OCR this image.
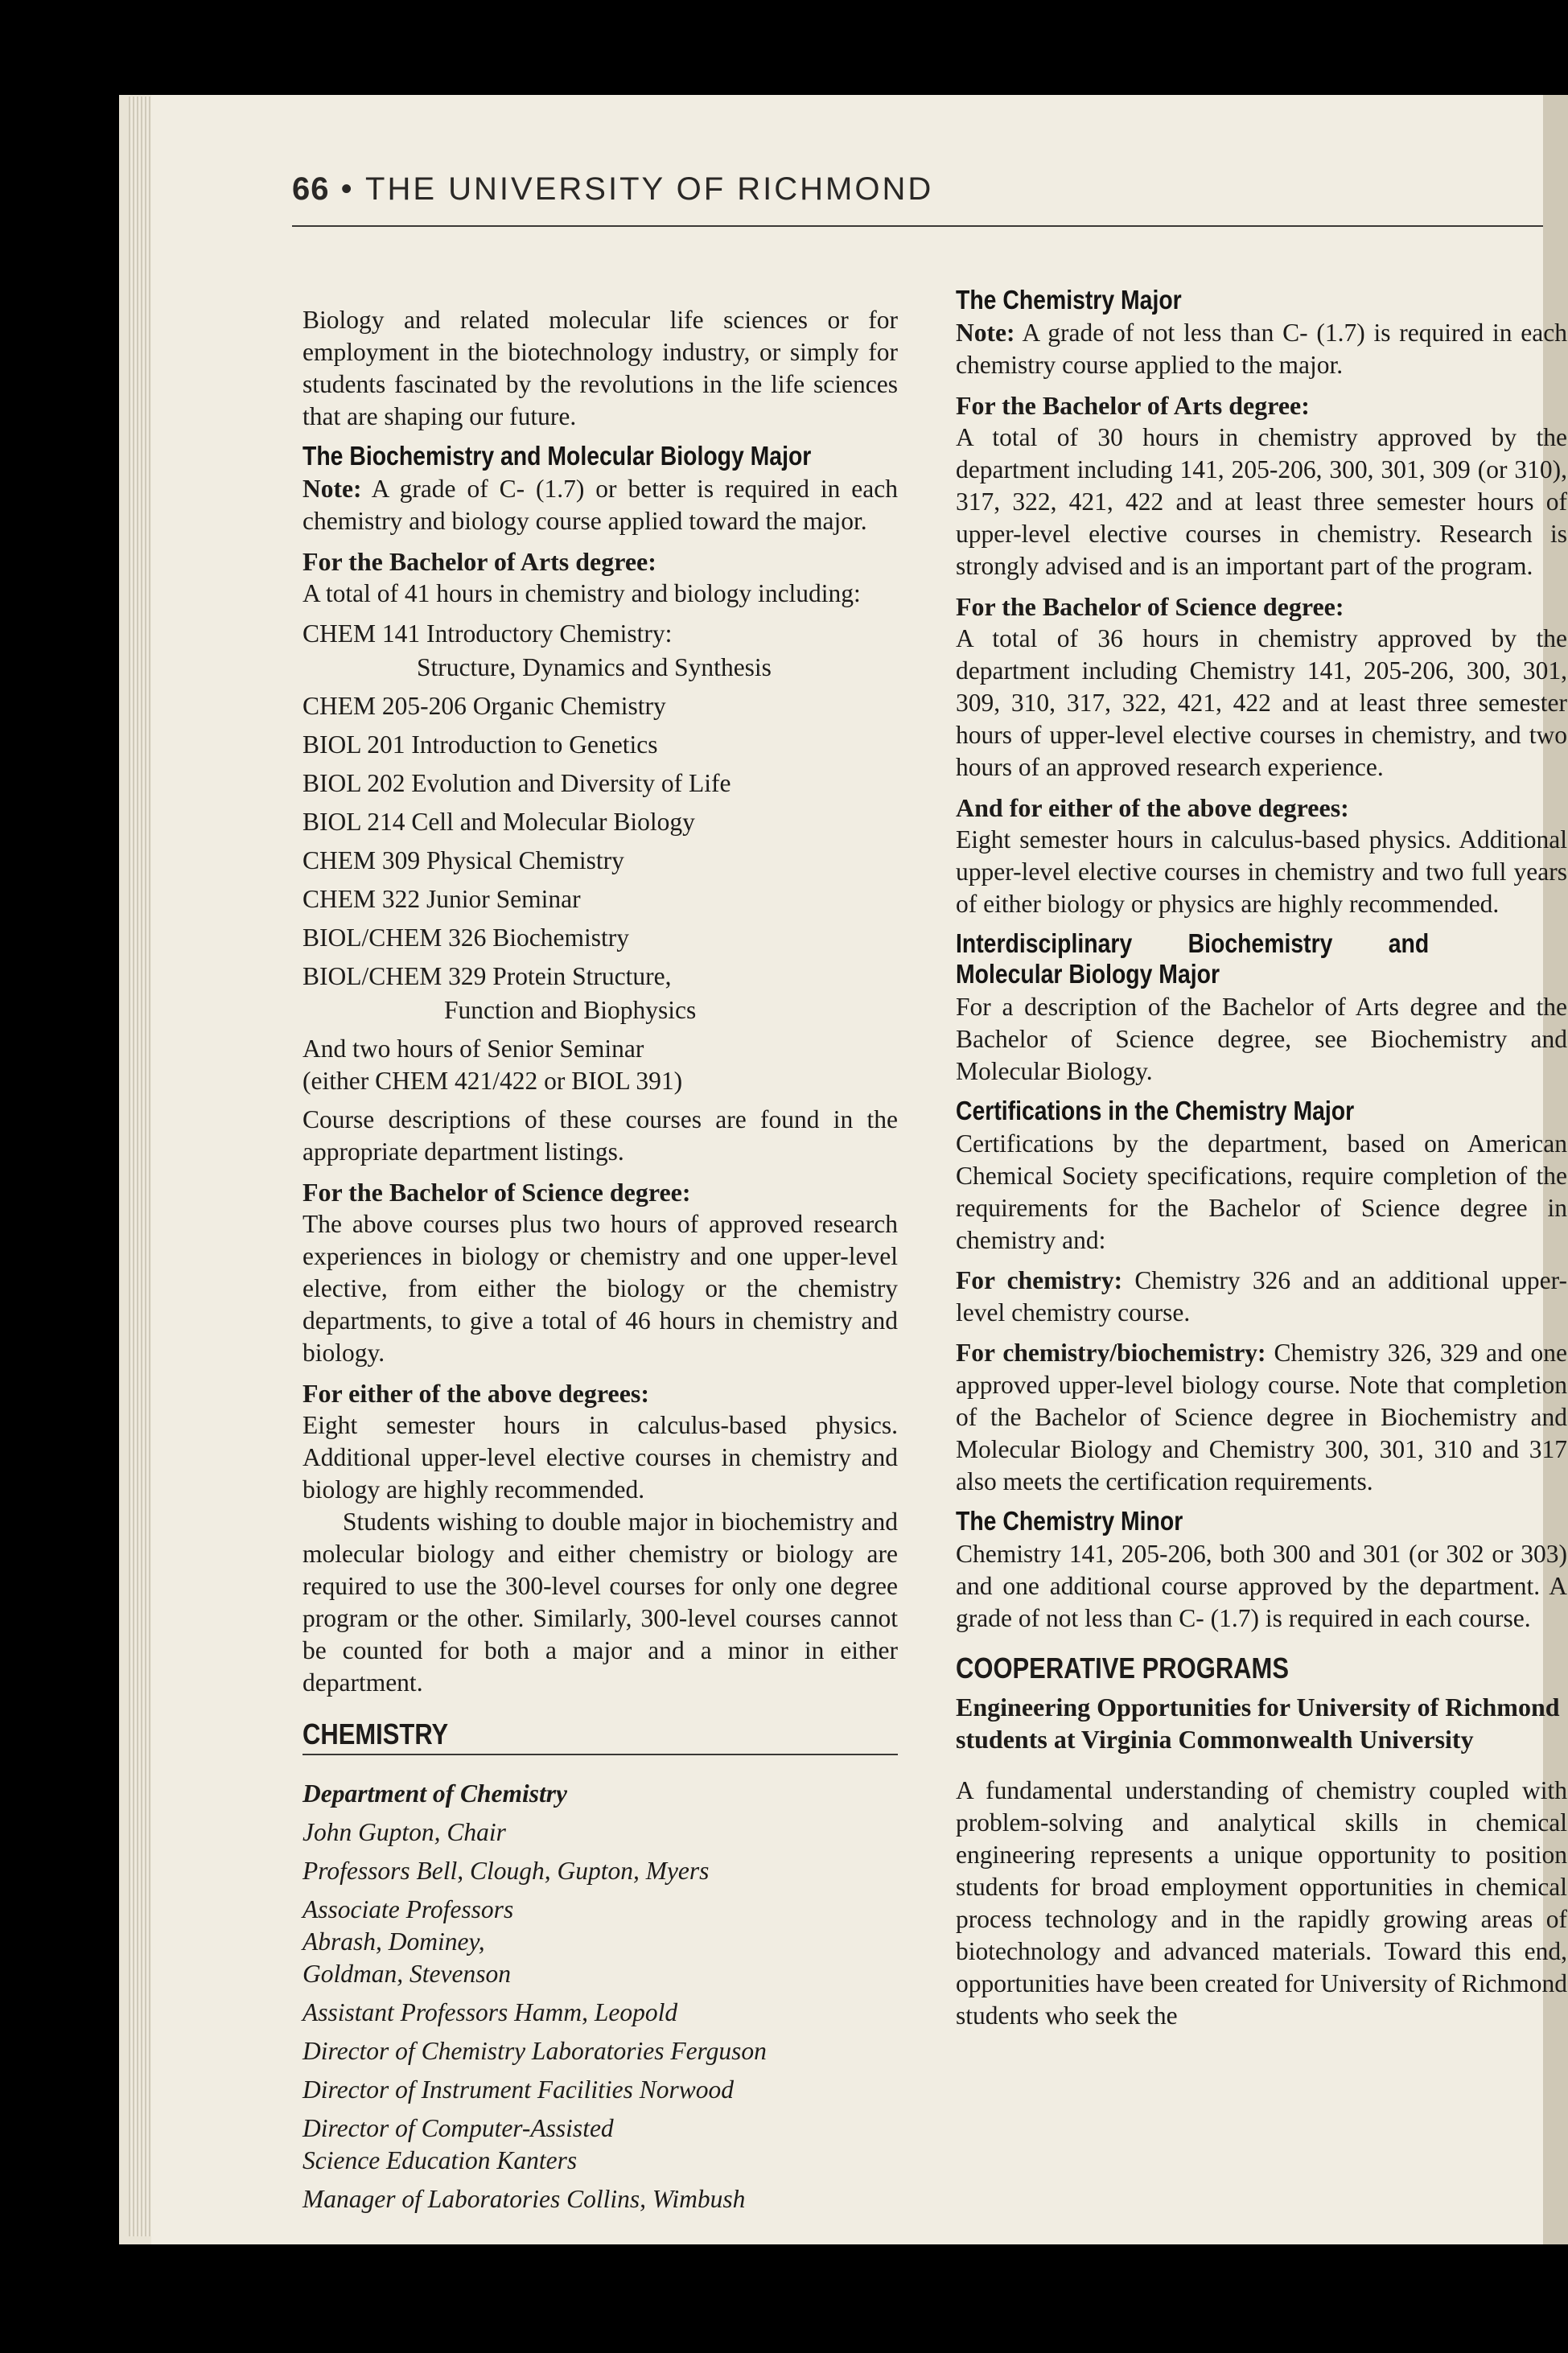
66 • THE UNIVERSITY OF RICHMOND

Biology and related molecular life sciences or for employment in the biotechnology industry, or simply for students fascinated by the revolutions in the life sciences that are shaping our future.

The Biochemistry and Molecular Biology Major

Note: A grade of C- (1.7) or better is required in each chemistry and biology course applied toward the major.

For the Bachelor of Arts degree:

A total of 41 hours in chemistry and biology including:

CHEM 141 Introductory Chemistry:
Structure, Dynamics and Synthesis
CHEM 205-206 Organic Chemistry
BIOL 201 Introduction to Genetics
BIOL 202 Evolution and Diversity of Life
BIOL 214 Cell and Molecular Biology
CHEM 309 Physical Chemistry
CHEM 322 Junior Seminar
BIOL/CHEM 326 Biochemistry
BIOL/CHEM 329 Protein Structure,
Function and Biophysics
And two hours of Senior Seminar
(either CHEM 421/422 or BIOL 391)

Course descriptions of these courses are found in the appropriate department listings.

For the Bachelor of Science degree:

The above courses plus two hours of approved research experiences in biology or chemistry and one upper-level elective, from either the biology or the chemistry departments, to give a total of 46 hours in chemistry and biology.

For either of the above degrees:

Eight semester hours in calculus-based physics. Additional upper-level elective courses in chemistry and biology are highly recommended.

Students wishing to double major in biochemistry and molecular biology and either chemistry or biology are required to use the 300-level courses for only one degree program or the other. Similarly, 300-level courses cannot be counted for both a major and a minor in either department.

CHEMISTRY
Department of Chemistry
John Gupton, Chair
Professors Bell, Clough, Gupton, Myers
Associate Professors Abrash, Dominey, Goldman, Stevenson
Assistant Professors Hamm, Leopold
Director of Chemistry Laboratories Ferguson
Director of Instrument Facilities Norwood
Director of Computer-Assisted Science Education Kanters
Manager of Laboratories Collins, Wimbush
The Chemistry Major

Note: A grade of not less than C- (1.7) is required in each chemistry course applied to the major.

For the Bachelor of Arts degree:

A total of 30 hours in chemistry approved by the department including 141, 205-206, 300, 301, 309 (or 310), 317, 322, 421, 422 and at least three semester hours of upper-level elective courses in chemistry. Research is strongly advised and is an important part of the program.

For the Bachelor of Science degree:

A total of 36 hours in chemistry approved by the department including Chemistry 141, 205-206, 300, 301, 309, 310, 317, 322, 421, 422 and at least three semester hours of upper-level elective courses in chemistry, and two hours of an approved research experience.

And for either of the above degrees:

Eight semester hours in calculus-based physics. Additional upper-level elective courses in chemistry and two full years of either biology or physics are highly recommended.

Interdisciplinary Biochemistry and Molecular Biology Major

For a description of the Bachelor of Arts degree and the Bachelor of Science degree, see Biochemistry and Molecular Biology.

Certifications in the Chemistry Major

Certifications by the department, based on American Chemical Society specifications, require completion of the requirements for the Bachelor of Science degree in chemistry and:

For chemistry: Chemistry 326 and an additional upper-level chemistry course.

For chemistry/biochemistry: Chemistry 326, 329 and one approved upper-level biology course. Note that completion of the Bachelor of Science degree in Biochemistry and Molecular Biology and Chemistry 300, 301, 310 and 317 also meets the certification requirements.

The Chemistry Minor

Chemistry 141, 205-206, both 300 and 301 (or 302 or 303) and one additional course approved by the department. A grade of not less than C- (1.7) is required in each course.

COOPERATIVE PROGRAMS
Engineering Opportunities for University of Richmond students at Virginia Commonwealth University

A fundamental understanding of chemistry coupled with problem-solving and analytical skills in chemical engineering represents a unique opportunity to position students for broad employment opportunities in chemical process technology and in the rapidly growing areas of biotechnology and advanced materials. Toward this end, opportunities have been created for University of Richmond students who seek the
